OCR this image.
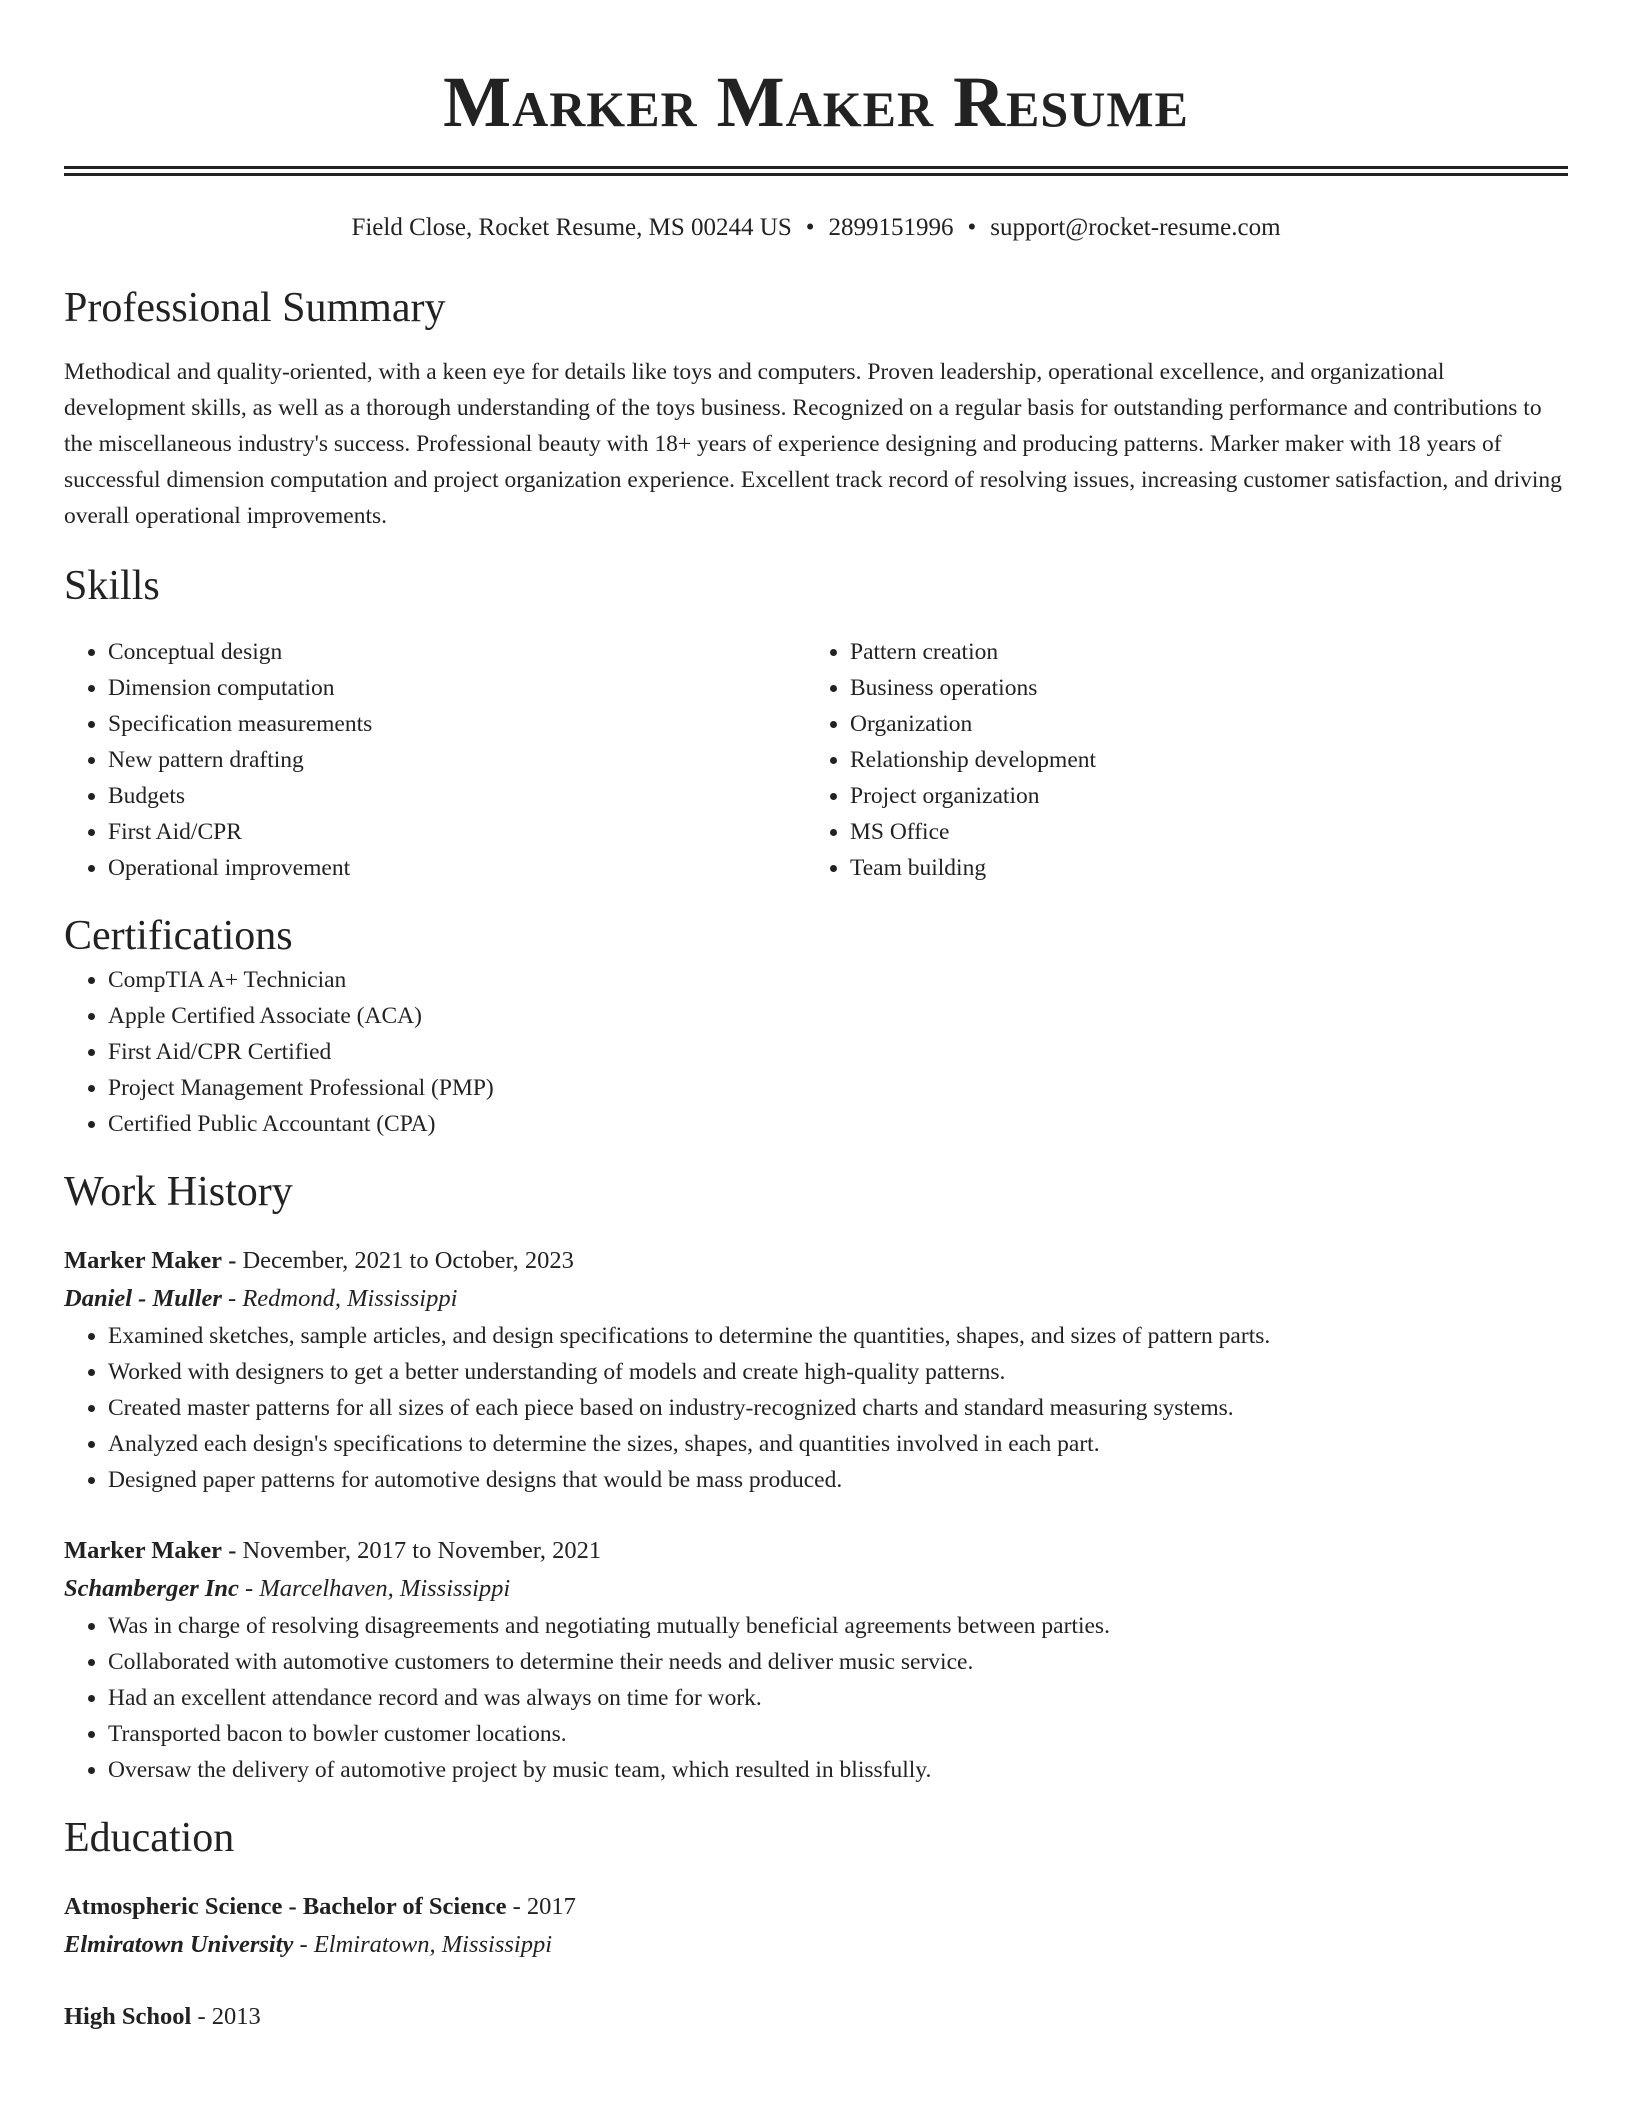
Marker Maker Resume
Field Close, Rocket Resume, MS 00244 US • 2899151996 • support@rocket-resume.com
Professional Summary

Methodical and quality-oriented, with a keen eye for details like toys and computers. Proven leadership, operational excellence, and organizational development skills, as well as a thorough understanding of the toys business. Recognized on a regular basis for outstanding performance and contributions to the miscellaneous industry's success. Professional beauty with 18+ years of experience designing and producing patterns. Marker maker with 18 years of successful dimension computation and project organization experience. Excellent track record of resolving issues, increasing customer satisfaction, and driving overall operational improvements.

Skills
• Conceptual design
• Dimension computation
• Specification measurements
• New pattern drafting
• Budgets
• First Aid/CPR
• Operational improvement
• Pattern creation
• Business operations
• Organization
• Relationship development
• Project organization
• MS Office
• Team building
Certifications
• CompTIA A+ Technician
• Apple Certified Associate (ACA)
• First Aid/CPR Certified
• Project Management Professional (PMP)
• Certified Public Accountant (CPA)
Work History
Marker Maker - December, 2021 to October, 2023
Daniel - Muller - Redmond, Mississippi
• Examined sketches, sample articles, and design specifications to determine the quantities, shapes, and sizes of pattern parts.
• Worked with designers to get a better understanding of models and create high-quality patterns.
• Created master patterns for all sizes of each piece based on industry-recognized charts and standard measuring systems.
• Analyzed each design's specifications to determine the sizes, shapes, and quantities involved in each part.
• Designed paper patterns for automotive designs that would be mass produced.
Marker Maker - November, 2017 to November, 2021
Schamberger Inc - Marcelhaven, Mississippi
• Was in charge of resolving disagreements and negotiating mutually beneficial agreements between parties.
• Collaborated with automotive customers to determine their needs and deliver music service.
• Had an excellent attendance record and was always on time for work.
• Transported bacon to bowler customer locations.
• Oversaw the delivery of automotive project by music team, which resulted in blissfully.
Education
Atmospheric Science - Bachelor of Science - 2017
Elmiratown University - Elmiratown, Mississippi
High School - 2013
